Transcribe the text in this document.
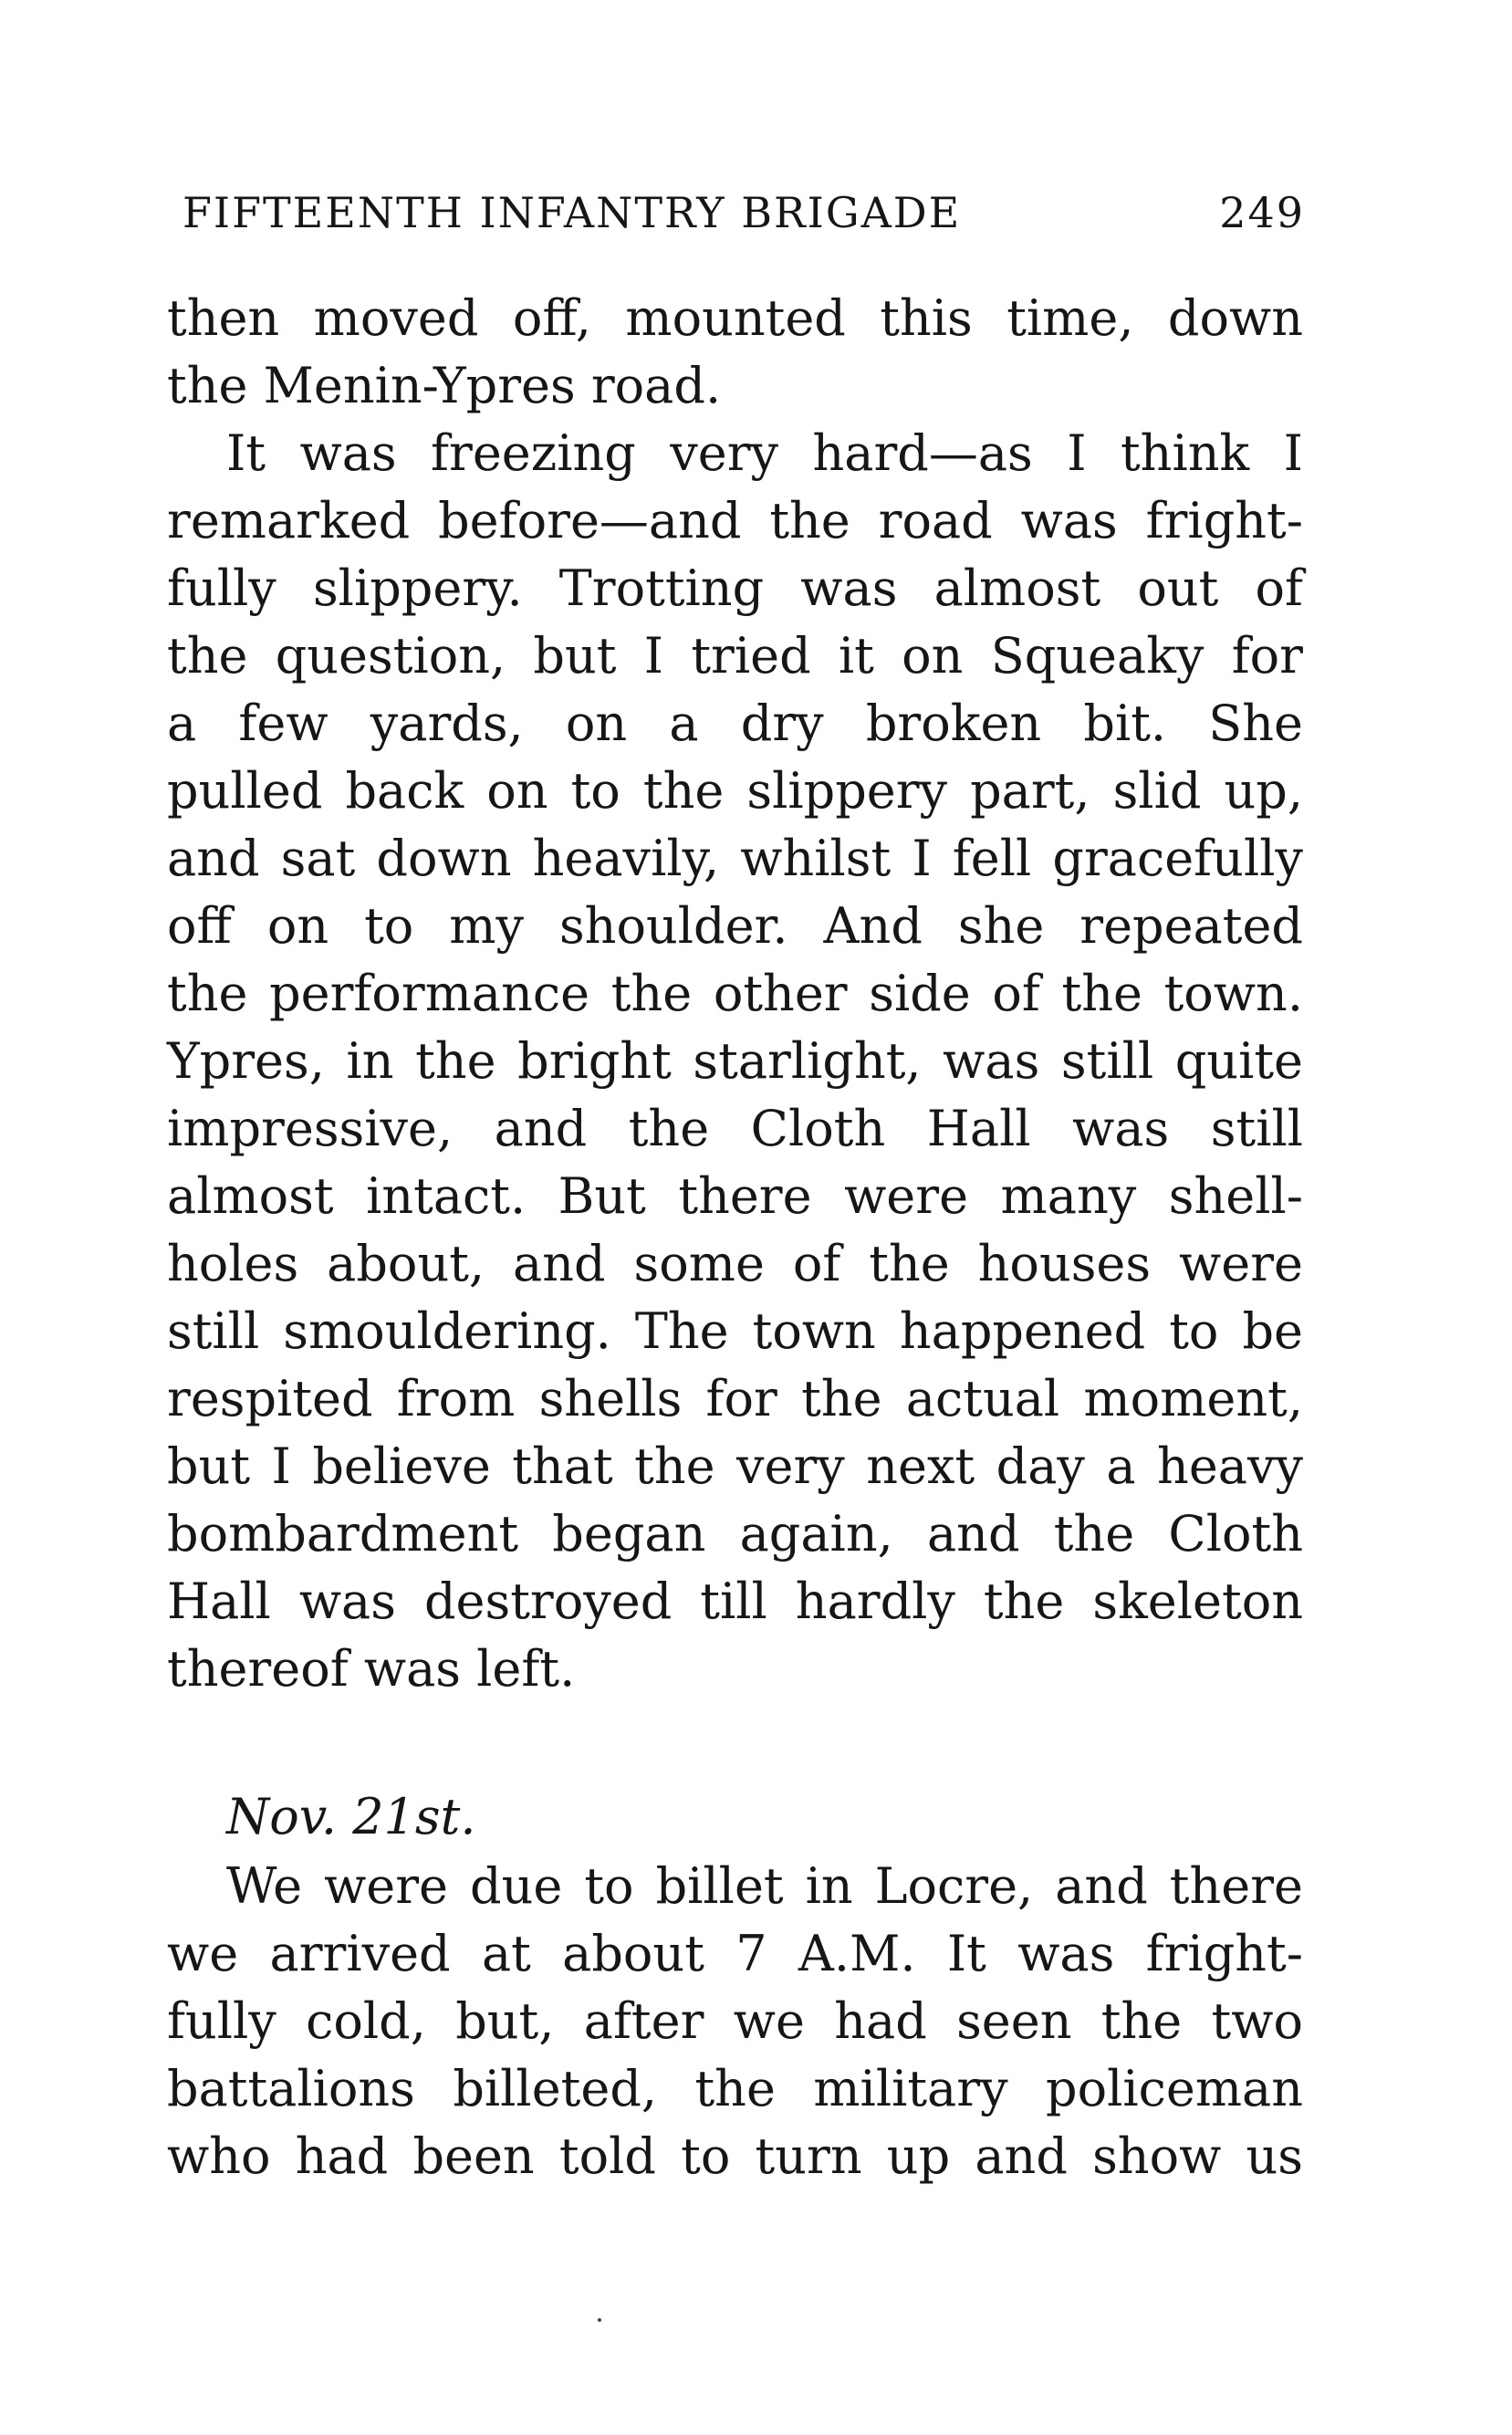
FIFTEENTH INFANTRY BRIGADE	249
then moved off, mounted this time, down
the Menin-Ypres road.
It was freezing very hard—as I think I
remarked before—and the road was fright-
fully slippery. Trotting was almost out of
the question, but I tried it on Squeaky for
a few yards, on a dry broken bit. She
pulled back on to the slippery part, slid up,
and sat down heavily, whilst I fell gracefully
off on to my shoulder. And she repeated
the performance the other side of the town.
Ypres, in the bright starlight, was still quite
impressive, and the Cloth Hall was still
almost intact. But there were many shell-
holes about, and some of the houses were
still smouldering. The town happened to be
respited from shells for the actual moment,
but I believe that the very next day a heavy
bombardment began again, and the Cloth
Hall was destroyed till hardly the skeleton
thereof was left.
Nov. 21st.
We were due to billet in Locre, and there
we arrived at about 7 A.M. It was fright-
fully cold, but, after we had seen the two
battalions billeted, the military policeman
who had been told to turn up and show us
